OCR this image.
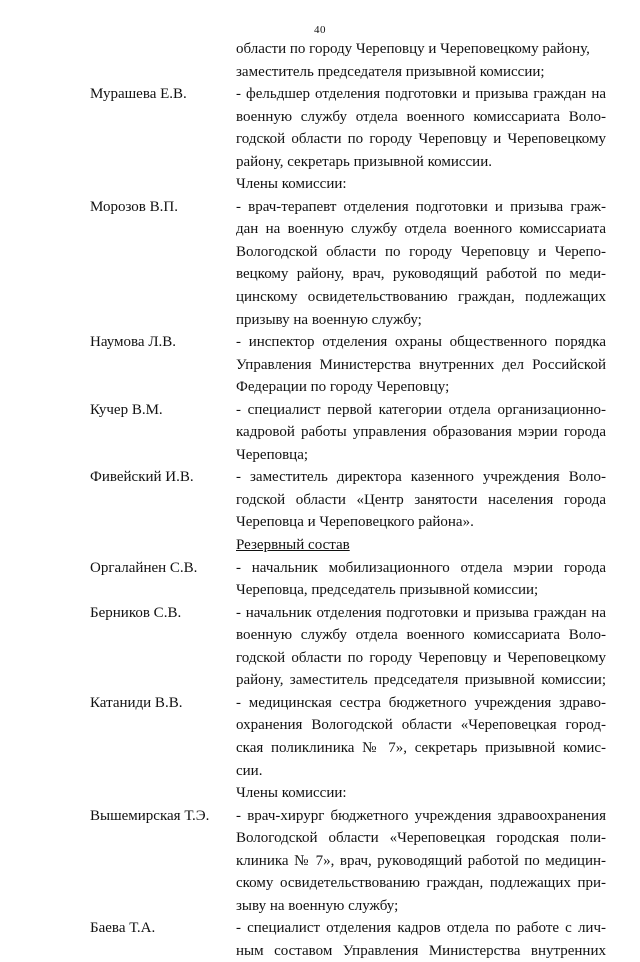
40
области по городу Череповцу и Череповецкому району,
заместитель председателя призывной комиссии;
Мурашева Е.В.	- фельдшер отделения подготовки и призыва граждан на
военную службу отдела военного комиссариата Воло-
годской области по городу Череповцу и Череповецкому
району, секретарь призывной комиссии.
Члены комиссии:
Морозов В.П.	- врач-терапевт отделения подготовки и призыва граж-
дан на военную службу отдела военного комиссариата
Вологодской области по городу Череповцу и Черепо-
вецкому району, врач, руководящий работой по меди-
цинскому освидетельствованию граждан, подлежащих
призыву на военную службу;
Наумова Л.В.	- инспектор отделения охраны общественного порядка
Управления Министерства внутренних дел Российской
Федерации по городу Череповцу;
Кучер В.М.	- специалист первой категории отдела организационно-
кадровой работы управления образования мэрии города
Череповца;
Фивейский И.В.	- заместитель директора казенного учреждения Воло-
годской области «Центр занятости населения города
Череповца и Череповецкого района».
Резервный состав
Оргалайнен С.В.	- начальник мобилизационного отдела мэрии города
Череповца, председатель призывной комиссии;
Берников С.В.	- начальник отделения подготовки и призыва граждан на
военную службу отдела военного комиссариата Воло-
годской области по городу Череповцу и Череповецкому
району, заместитель председателя призывной комиссии;
Катаниди В.В.	- медицинская сестра бюджетного учреждения здраво-
охранения Вологодской области «Череповецкая город-
ская поликлиника № 7», секретарь призывной комис-
сии.
Члены комиссии:
Вышемирская Т.Э. - врач-хирург бюджетного учреждения здравоохранения
Вологодской области «Череповецкая городская поли-
клиника № 7», врач, руководящий работой по медицин-
скому освидетельствованию граждан, подлежащих при-
зыву на военную службу;
Баева Т.А.	- специалист отделения кадров отдела по работе с лич-
ным составом Управления Министерства внутренних
